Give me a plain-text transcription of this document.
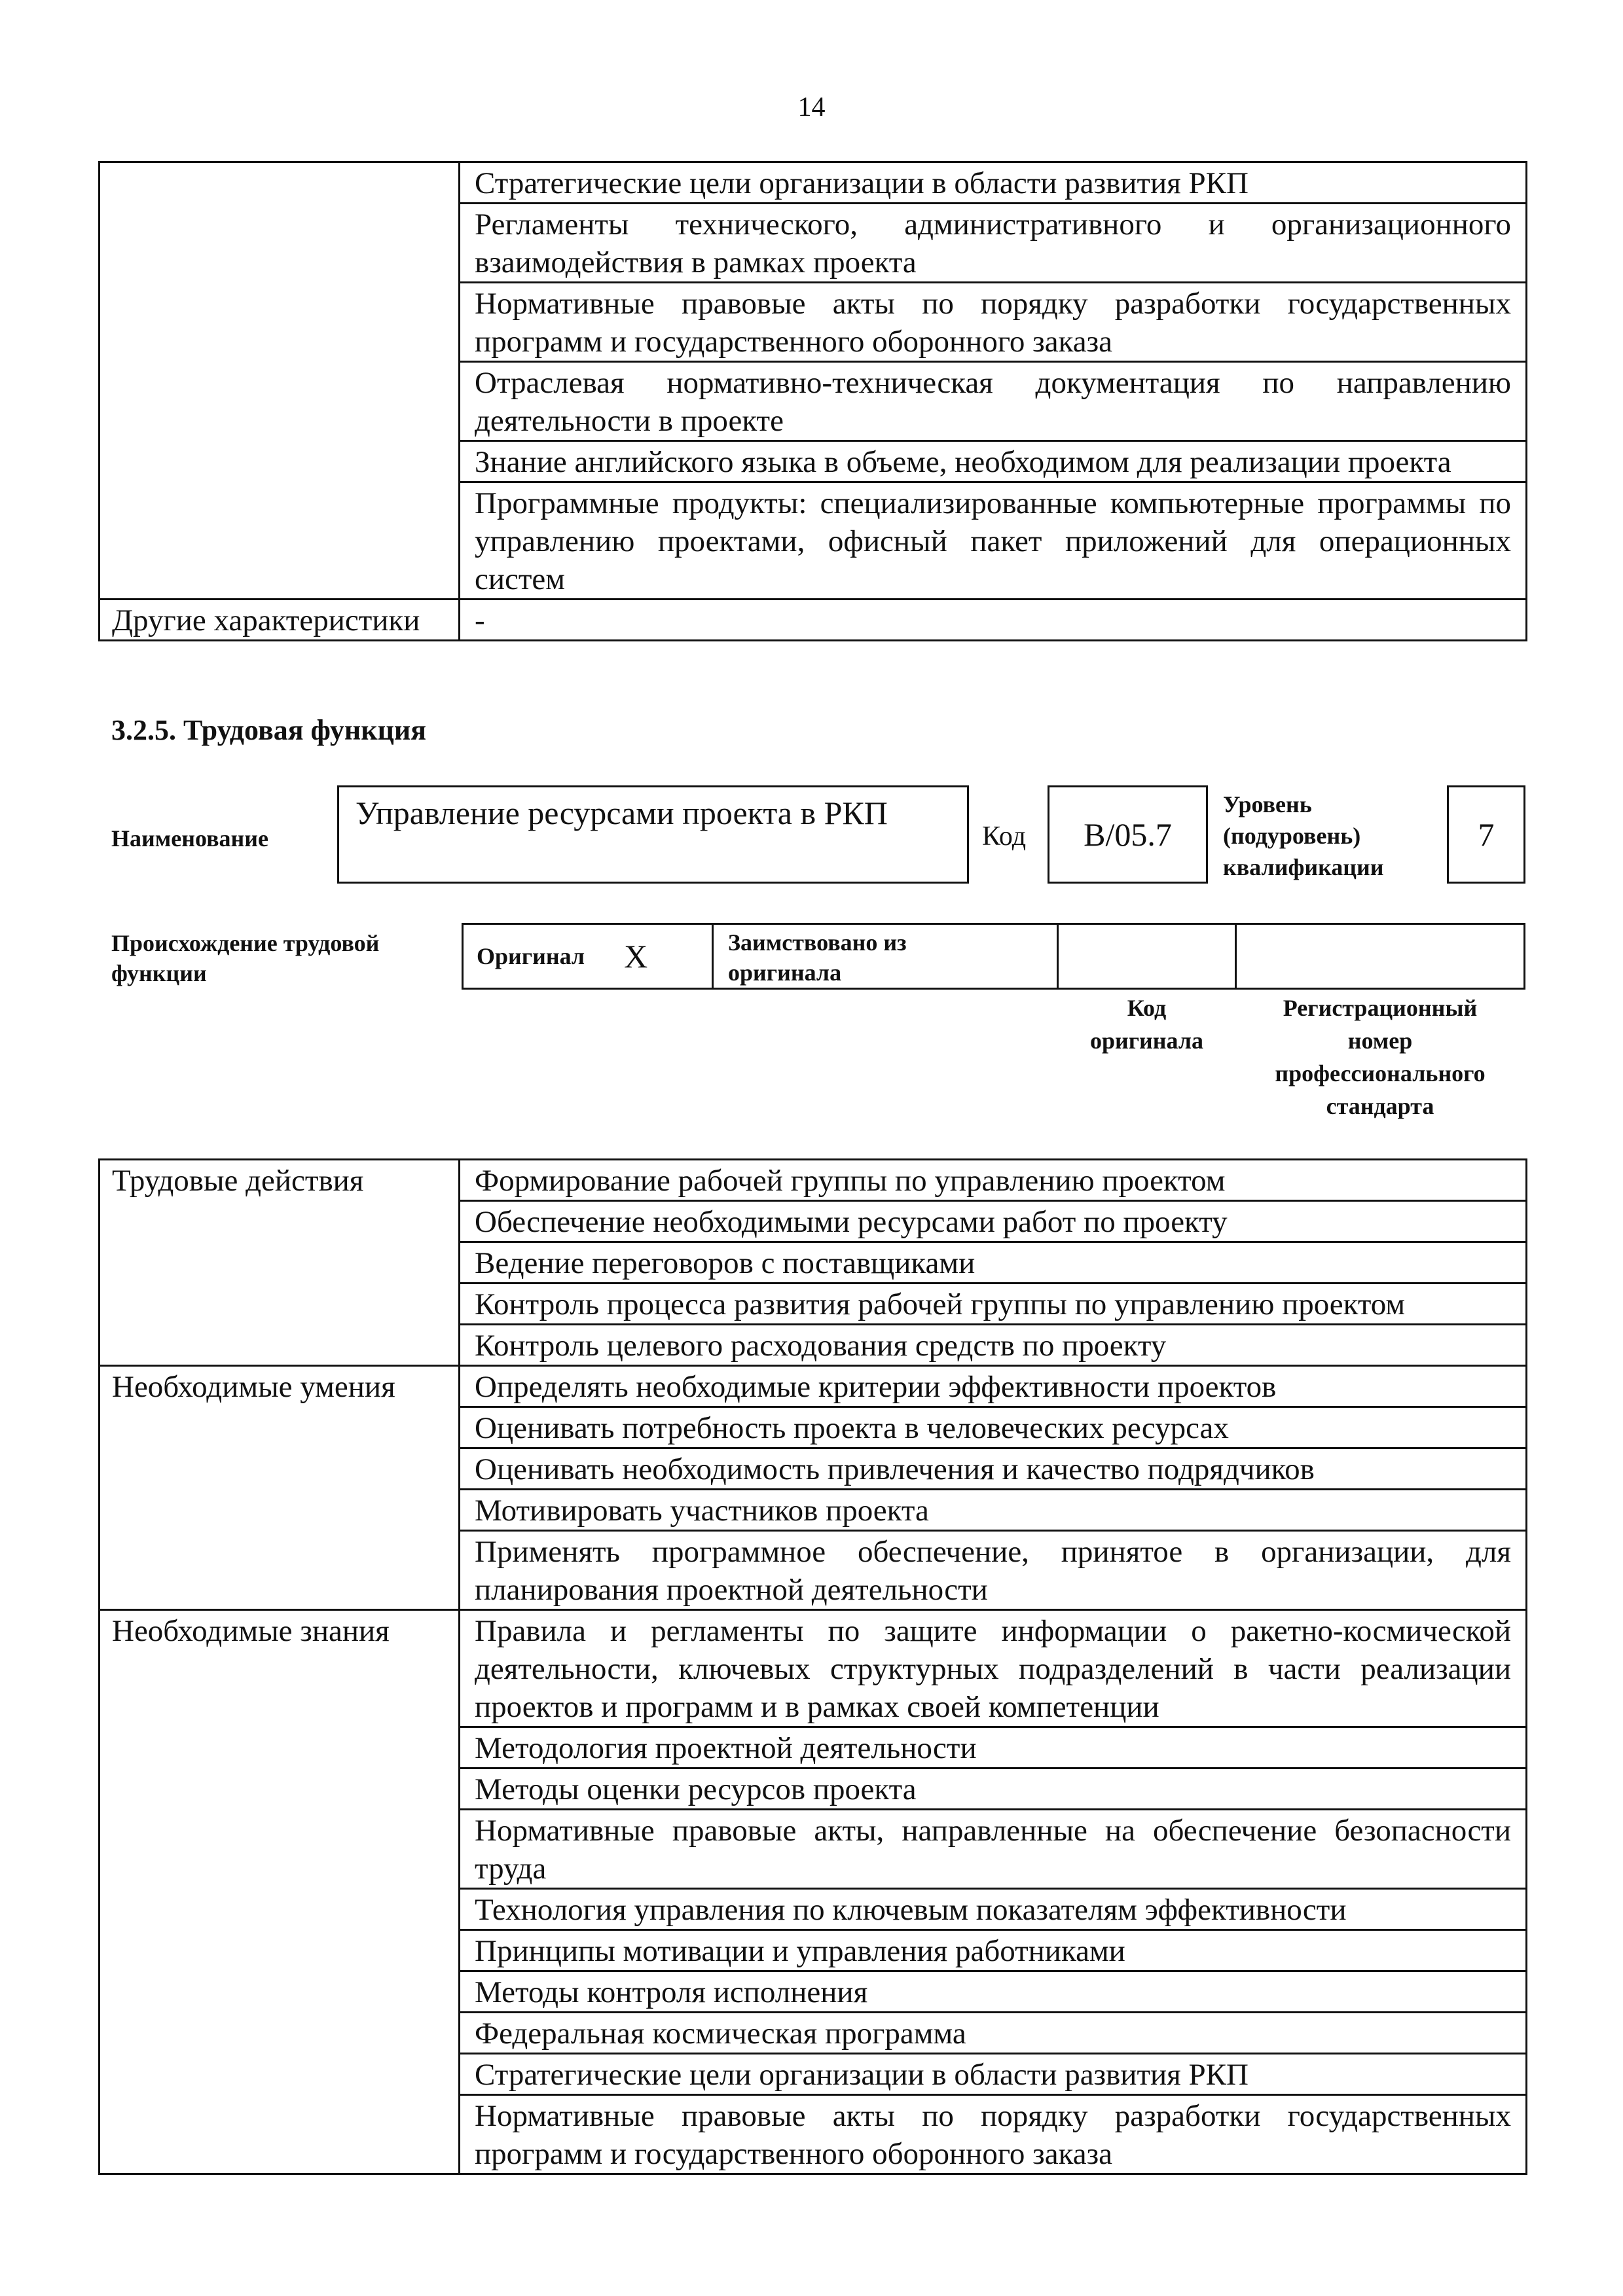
14
	Стратегические цели организации в области развития РКП
	Регламенты технического, административного и организационного взаимодействия в рамках проекта
	Нормативные правовые акты по порядку разработки государственных программ и государственного оборонного заказа
	Отраслевая нормативно-техническая документация по направлению деятельности в проекте
	Знание английского языка в объеме, необходимом для реализации проекта
	Программные продукты: специализированные компьютерные программы по управлению проектами, офисный пакет приложений для операционных систем
Другие характеристики	-
3.2.5. Трудовая функция
Наименование
Управление ресурсами проекта в РКП
Код B/05.7
Уровень
(подуровень)
квалификации
7
Происхождение трудовой
функции
Оригинал X	Заимствовано из
оригинала
Код
оригинала
Регистрационный
номер
профессионального
стандарта
Трудовые действия	Формирование рабочей группы по управлению проектом
	Обеспечение необходимыми ресурсами работ по проекту
	Ведение переговоров с поставщиками
	Контроль процесса развития рабочей группы по управлению проектом
	Контроль целевого расходования средств по проекту
Необходимые умения	Определять необходимые критерии эффективности проектов
	Оценивать потребность проекта в человеческих ресурсах
	Оценивать необходимость привлечения и качество подрядчиков
	Мотивировать участников проекта
	Применять программное обеспечение, принятое в организации, для планирования проектной деятельности
Необходимые знания	Правила и регламенты по защите информации о ракетно-космической деятельности, ключевых структурных подразделений в части реализации проектов и программ и в рамках своей компетенции
	Методология проектной деятельности
	Методы оценки ресурсов проекта
	Нормативные правовые акты, направленные на обеспечение безопасности труда
	Технология управления по ключевым показателям эффективности
	Принципы мотивации и управления работниками
	Методы контроля исполнения
	Федеральная космическая программа
	Стратегические цели организации в области развития РКП
	Нормативные правовые акты по порядку разработки государственных программ и государственного оборонного заказа
